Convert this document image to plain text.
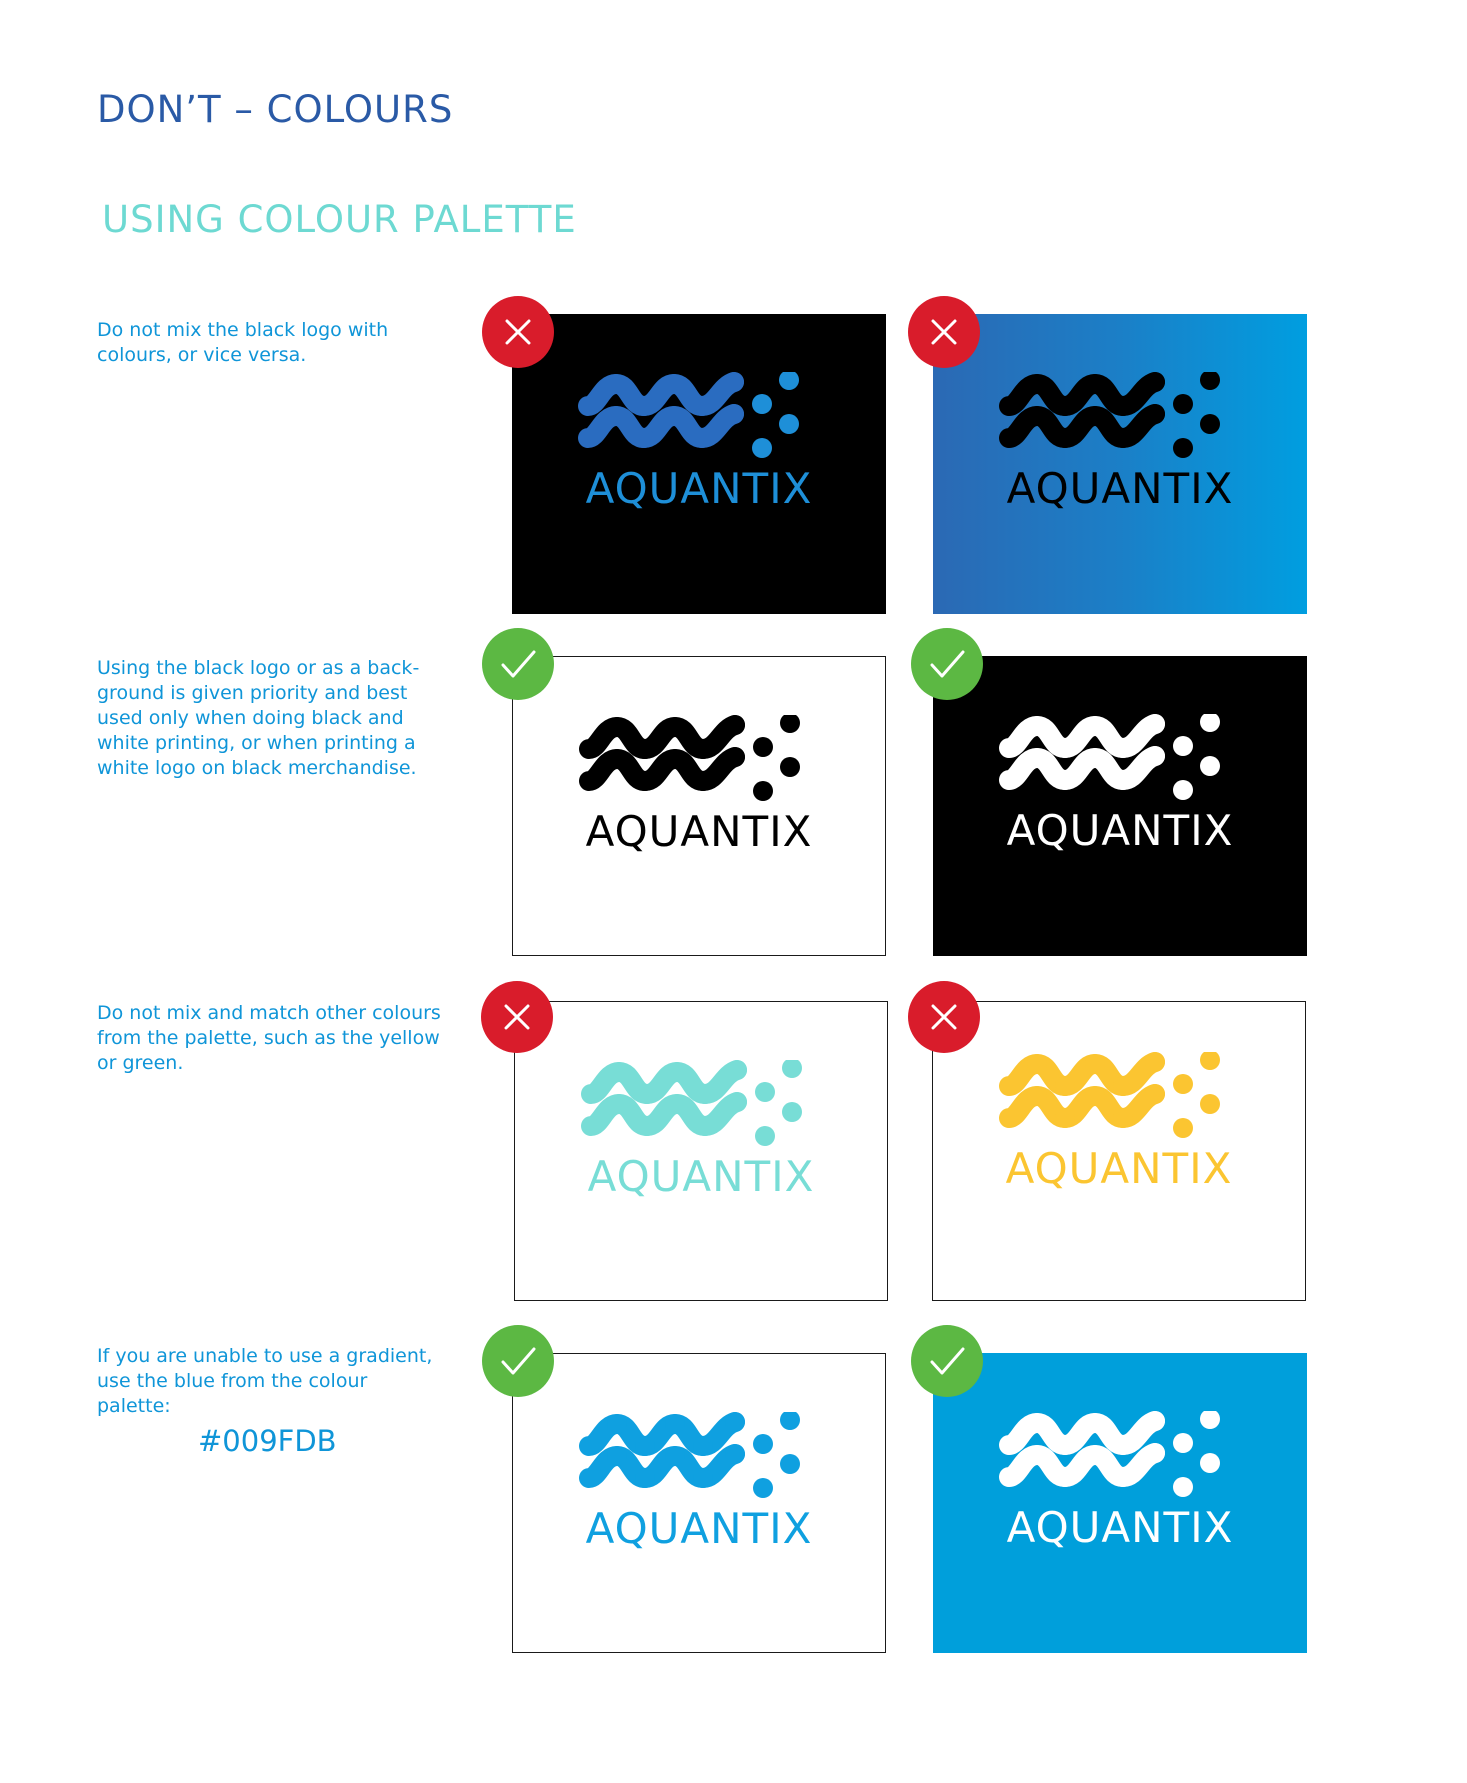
DON’T – COLOURS
USING COLOUR PALETTE

Do not mix the black logo with colours, or vice versa.

Using the black logo or as a back-ground is given priority and best used only when doing black and white printing, or when printing a white logo on black merchandise.

Do not mix and match other colours from the palette, such as the yellow or green.

If you are unable to use a gradient, use the blue from the colour palette:

#009FDB
AQUANTIX	AQUANTIX
AQUANTIX	AQUANTIX
AQUANTIX	AQUANTIX
AQUANTIX	AQUANTIX
